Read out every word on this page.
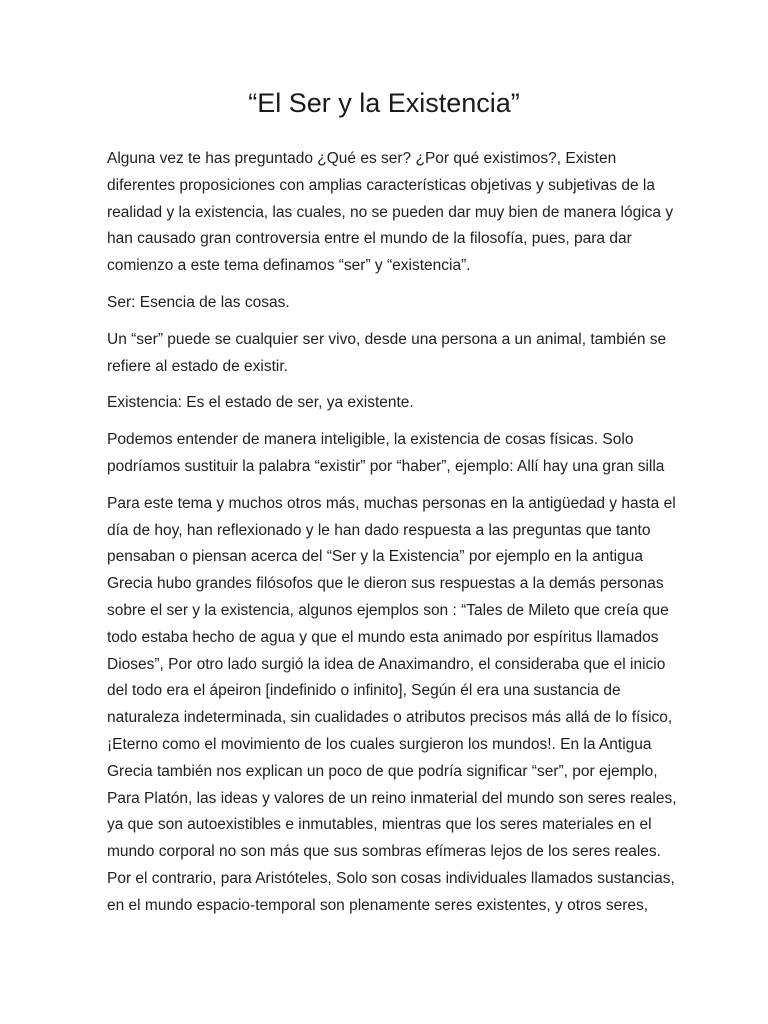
“El Ser y la Existencia”

Alguna vez te has preguntado ¿Qué es ser? ¿Por qué existimos?, Existen
diferentes proposiciones con amplias características objetivas y subjetivas de la
realidad y la existencia, las cuales, no se pueden dar muy bien de manera lógica y
han causado gran controversia entre el mundo de la filosofía, pues, para dar
comienzo a este tema definamos “ser” y “existencia”.

Ser: Esencia de las cosas.

Un “ser” puede se cualquier ser vivo, desde una persona a un animal, también se
refiere al estado de existir.

Existencia: Es el estado de ser, ya existente.

Podemos entender de manera inteligible, la existencia de cosas físicas. Solo
podríamos sustituir la palabra “existir” por “haber”, ejemplo: Allí hay una gran silla

Para este tema y muchos otros más, muchas personas en la antigüedad y hasta el
día de hoy, han reflexionado y le han dado respuesta a las preguntas que tanto
pensaban o piensan acerca del “Ser y la Existencia” por ejemplo en la antigua
Grecia hubo grandes filósofos que le dieron sus respuestas a la demás personas
sobre el ser y la existencia, algunos ejemplos son : “Tales de Mileto que creía que
todo estaba hecho de agua y que el mundo esta animado por espíritus llamados
Dioses”, Por otro lado surgió la idea de Anaximandro, el consideraba que el inicio
del todo era el ápeiron [indefinido o infinito], Según él era una sustancia de
naturaleza indeterminada, sin cualidades o atributos precisos más allá de lo físico,
¡Eterno como el movimiento de los cuales surgieron los mundos!. En la Antigua
Grecia también nos explican un poco de que podría significar “ser”, por ejemplo,
Para Platón, las ideas y valores de un reino inmaterial del mundo son seres reales,
ya que son autoexistibles e inmutables, mientras que los seres materiales en el
mundo corporal no son más que sus sombras efímeras lejos de los seres reales.
Por el contrario, para Aristóteles, Solo son cosas individuales llamados sustancias,
en el mundo espacio-temporal son plenamente seres existentes, y otros seres,
